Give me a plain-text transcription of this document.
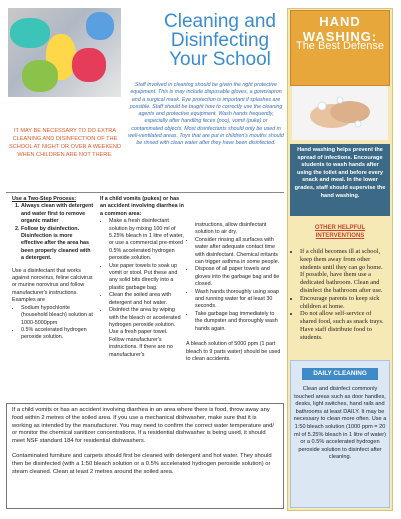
Cleaning and
Disinfecting
Your School
Staff involved in cleaning should be given the right protective equipment. This is may include disposable gloves, a gown/apron and a surgical mask. Eye protection is important if splashes are possible. Staff should be taught how to correctly use the cleaning agents and protective equipment. Wash hands frequently, especially after handling feces (poo), vomit (puke) or contaminated objects. Most disinfectants should only be used in well-ventilated areas. Toys that are put in children's mouths should be rinsed with clean water after they have been disinfected.
IT MAY BE NECESSARY TO DO EXTRA CLEANING AND DISINFECTION OF THE SCHOOL AT NIGHT OR OVER A WEEKEND WHEN CHILDREN ARE NOT THERE.
Use a Two-Step Process:
1. Always clean with detergent and water first to remove organic matter
2. Follow by disinfection. Disinfection is more effective after the area has been properly cleaned with a detergent.
Use a disinfectant that works against norovirus, feline calcivirus or murine norovirus and follow manufacturer's instructions. Examples are
• Sodium hypochlorite (household bleach) solution at 1000-5000ppm
• 0.5% accelerated hydrogen peroxide solution.
If a child vomits (pukes) or has an accident involving diarrhea in a common area:
• Make a fresh disinfectant solution by mixing 100 ml of 5.25% bleach in 1 litre of water, or use a commercial pre-mixed 0.5% accelerated hydrogen peroxide solution.
• Use paper towels to soak up vomit or stool. Put these and any solid bits directly into a plastic garbage bag.
• Clean the soiled area with detergent and hot water.
• Disinfect the area by wiping with the bleach or accelerated hydrogen peroxide solution. Use a fresh paper towel. Follow manufacturer's instructions. If there are no manufacturer's
instructions, allow disinfectant solution to air dry.
• Consider rinsing all surfaces with water after adequate contact time with disinfectant. Chemical irritants can trigger asthma in some people.
• Dispose of all paper towels and gloves into the garbage bag and tie closed.
• Wash hands thoroughly using soap and running water for at least 30 seconds.
• Take garbage bag immediately to the dumpster and thoroughly wash hands again.
A bleach solution of 5000 ppm (1 part bleach to 9 parts water) should be used to clean accidents.

If a child vomits or has an accident involving diarrhea in an area where there is food, throw away any food within 2 metres of the soiled area. If you use a mechanical dishwasher, make sure that it is working as intended by the manufacturer. You may need to confirm the correct water temperature and/ or monitor the chemical sanitizer concentrations. If a residential dishwasher is being used, it should meet NSF standard 184 for residential dishwashers.

Contaminated furniture and carpets should first be cleaned with detergent and hot water. They should then be disinfected (with a 1:50 bleach solution or a 0.5% accelerated hydrogen peroxide solution) or steam cleaned. Clean at least 2 metres around the soiled area.

HAND WASHING:
The Best Defense
Hand washing helps prevent the spread of infections. Encourage students to wash hands after using the toilet and before every snack and meal. In the lower grades, staff should supervise the hand washing.
OTHER HELPFUL INTERVENTIONS
• If a child becomes ill at school, keep them away from other students until they can go home. If possible, have them use a dedicated bathroom. Clean and disinfect the bathroom after use.
• Encourage parents to keep sick children at home.
• Do not allow self-service of shared food, such as snack trays. Have staff distribute food to students.
DAILY CLEANING
Clean and disinfect commonly touched areas such as door handles, desks, light switches, hand rails and bathrooms at least DAILY. It may be necessary to clean more often. Use a 1:50 bleach solution (1000 ppm = 20 ml of 5.25% bleach in 1 litre of water) or a 0.5% accelerated hydrogen peroxide solution to disinfect after cleaning.
